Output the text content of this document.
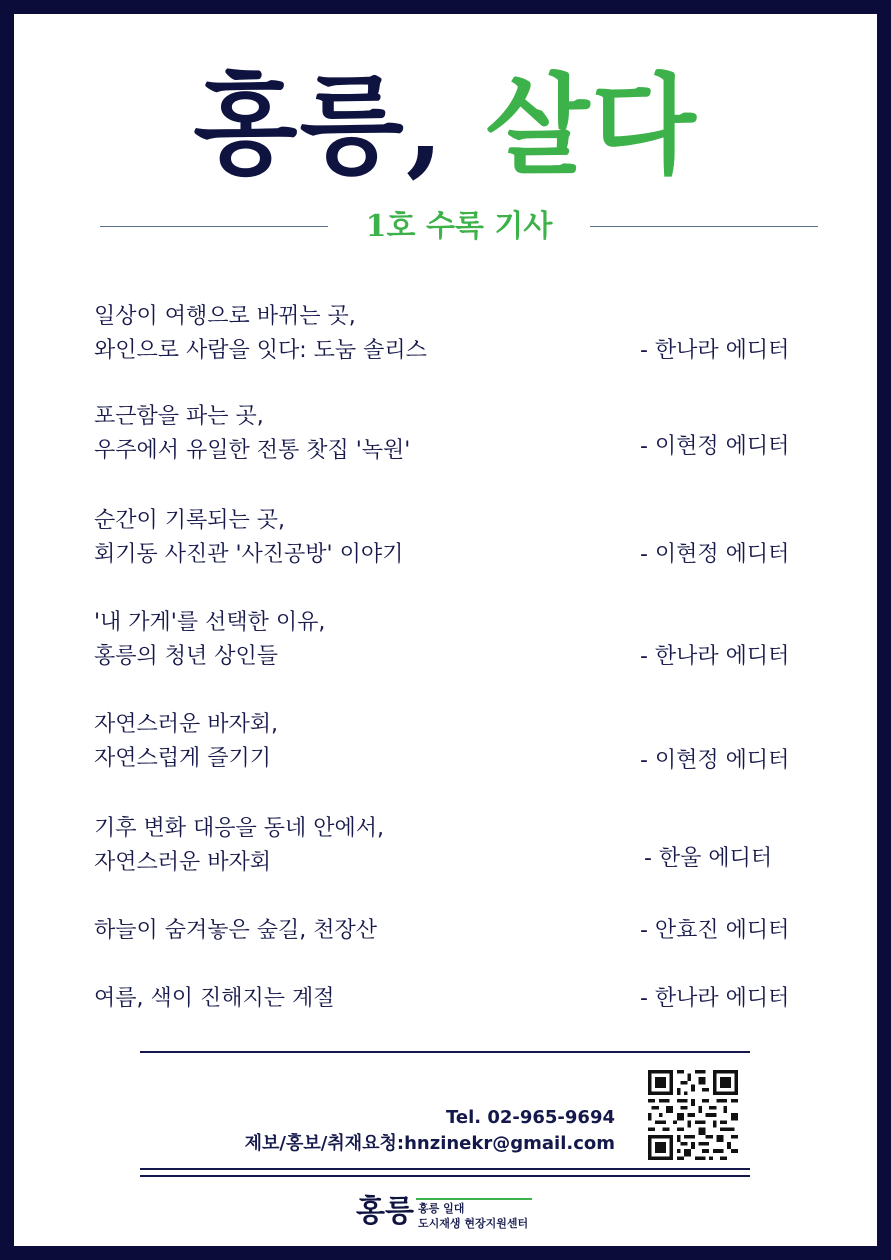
홍릉, 살다
1호 수록 기사
일상이 여행으로 바뀌는 곳,
와인으로 사람을 잇다: 도눔 솔리스	- 한나라 에디터
포근함을 파는 곳,
우주에서 유일한 전통 찻집 '녹원'	- 이현정 에디터
순간이 기록되는 곳,
회기동 사진관 '사진공방' 이야기	- 이현정 에디터
'내 가게'를 선택한 이유,
홍릉의 청년 상인들	- 한나라 에디터
자연스러운 바자회,
자연스럽게 즐기기	- 이현정 에디터
기후 변화 대응을 동네 안에서,
자연스러운 바자회	- 한울 에디터
하늘이 숨겨놓은 숲길, 천장산	- 안효진 에디터
여름, 색이 진해지는 계절	- 한나라 에디터
Tel. 02-965-9694
제보/홍보/취재요청:hnzinekr@gmail.com
홍릉 홍릉 일대
도시재생 현장지원센터
